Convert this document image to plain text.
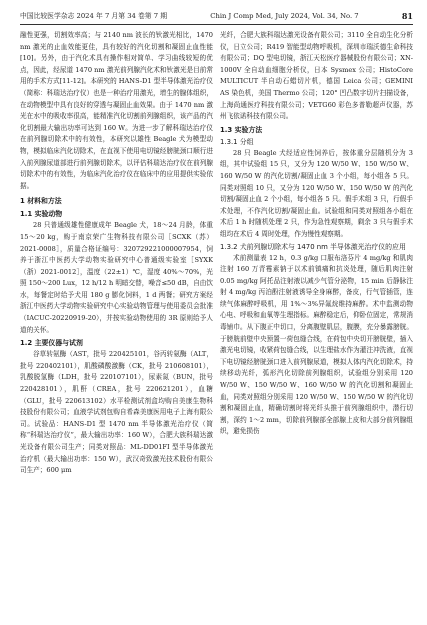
中国比较医学杂志 2024 年 7 月第 34 卷第 7 期	Chin J Comp Med, July 2024, Vol. 34, No. 7	81

融性更强，切割效率高；与 2140 nm 波长的钬激光相比，1470 nm 激光的止血效能更佳，具有较好的汽化切割和凝固止血性能[10]。另外，由于汽化术具有操作相对简单、学习曲线较短的优点，因此，经尿道 1470 nm 激光前列腺汽化术和钬激光是目前常用的手术方式[11-12]。本研究的 HANS-D1 型半导体激光治疗仪（简称：科瑞达治疗仪）也是一种治疗用激光，增生的腺体组织，在动物模型中具有良好的穿透与凝固止血效果。由于 1470 nm 激光在水中的吸收率很高，能精准汽化切割前列腺组织，该产品的汽化切割最大输出功率可达到 160 W。为进一步了解科瑞达治疗仪在前列腺切除术中的有效性，本研究以雄性 Beagle 犬为模型动物，模拟临床汽化切除术，在直视下使用电切镜经膀胱颈口顺行进入前列腺尿道部进行前列腺切除术，以评估科瑞达治疗仪在前列腺切除术中的有效性，为临床汽化治疗仪在临床中的应用提供实验依据。

1 材料和方法
1.1 实验动物

28 只普通级雄性健康成年 Beagle 犬，18～24 月龄，体重 15～20 kg，购于南京荣广生物科技有限公司［SCXK（苏）2021-0008］，质量合格证编号：320729221000007954，饲养于浙江中医药大学动物实验研究中心普通级实验室［SYXK（浙）2021-0012］，温度（22±1）℃，湿度 40%～70%，光照 150～200 Lux，12 h/12 h 明暗交替，噪音≤50 dB，自由饮水，每餐定时给予犬用 180 g 膨化饲料，1 d 两餐；研究方案经浙江中医药大学动物实验研究中心实验动物管理与使用委员会批准（IACUC-20220919-20），并按实验动物使用的 3R 原则给予人道的关怀。

1.2 主要仪器与试剂

谷草转氨酶（AST，批号 220425101，谷丙转氨酶（ALT，批号 220402101），肌酸磷酸激酶（CK，批号 210608101），乳酸脱氢酶（LDH，批号 220107101），尿素氮（BUN，批号 220428101），肌酐（CREA，批号 220621201），血糖（GLU，批号 220613102）水平检测试剂盒均购自美康生物科技股份有限公司；血液学试剂包购自希森美康医用电子上海有限公司。试验品：HANS-D1 型 1470 nm 半导体激光治疗仪（简称“科瑞达治疗仪”，最大输出功率：160 W），合肥大族科瑞达激光设备有限公司生产；同类对照品：ML-DD01FI 型半导体激光治疗机（最大输出功率：150 W），武汉奇致激光技术股份有限公司生产；600 μm

光纤，合肥大族科瑞达激光设备有限公司；3110 全自动生化分析仪，日立公司；R419 智能型动物呼吸机，深圳市瑞沃德生命科技有限公司；DQ 型电切镜，浙江天松医疗器械股份有限公司；XN-1000V 全自动血细胞分析仪，日本 Sysmex 公司；HistoCore MULTICUT 半自动石蜡切片机，德国 Leica 公司；GEMINI AS 染色机，美国 Thermo 公司；120° 凹凸数字切片扫描设备，上海尚通医疗科技有限公司；VETG60 彩色多普勒超声仪器，苏州飞依诺科技有限公司。

1.3 实验方法
1.3.1 分组

28 只 Beagle 犬经适应性饲养后，按体重分层随机分为 3 组，其中试验组 15 只，又分为 120 W/50 W、150 W/50 W、160 W/50 W 的汽化切割/凝固止血 3 个小组，每小组各 5 只。同类对照组 10 只，又分为 120 W/50 W、150 W/50 W 的汽化切割/凝固止血 2 个小组，每小组各 5 只。假手术组 3 只，行假手术处理，不作汽化切割/凝固止血。试验组和同类对照组各小组在术后 1 h 时随机处理 2 只，作为急性观察期，剩余 3 只与假手术组均在术后 4 周时处理，作为慢性观察期。

1.3.2 犬前列腺切除术与 1470 nm 半导体激光治疗仪的应用

术前测量表 12 h，0.3 g/kg 口服布洛芬片 4 mg/kg 和肌肉注射 160 万青霉素钠于以术前镇痛和抗炎处理，随后肌肉注射 0.05 mg/kg 阿托品注射液以减少气管分泌物，15 min 后静脉注射 4 mg/kg 丙泊酚注射液诱导全身麻醉，备皮，行气管插管，连续气体麻醉呼吸机，用 1%～3%异氟烷维持麻醉。术中监测动物心电、呼吸和血氧等生理指标。麻醉稳定后，仰卧位固定，常规消毒铺巾。从下腹正中切口，分离腹壁肌层，腹膜，充分暴露膀胱。于膀胱前壁中央预置一荷包缝合线，在荷包中央切开膀胱壁，插入激光电切镜，收紧荷包缝合线，以生理盐水作为灌注冲洗液，直视下电切镜经膀胱颈口进入前列腺尿道，模拟人体内汽化切除术，持续移动光纤，弧形汽化切除前列腺组织，试验组分别采用 120 W/50 W、150 W/50 W、160 W/50 W 的汽化切割和凝固止血，同类对照组分别采用 120 W/50 W、150 W/50 W 的汽化切割和凝固止血，精确切割时将光纤头推于前列腺组织中，潜行切割，深约 1～2 mm，切除前列腺部全部腺上皮和大部分前列腺组织，避免损伤
